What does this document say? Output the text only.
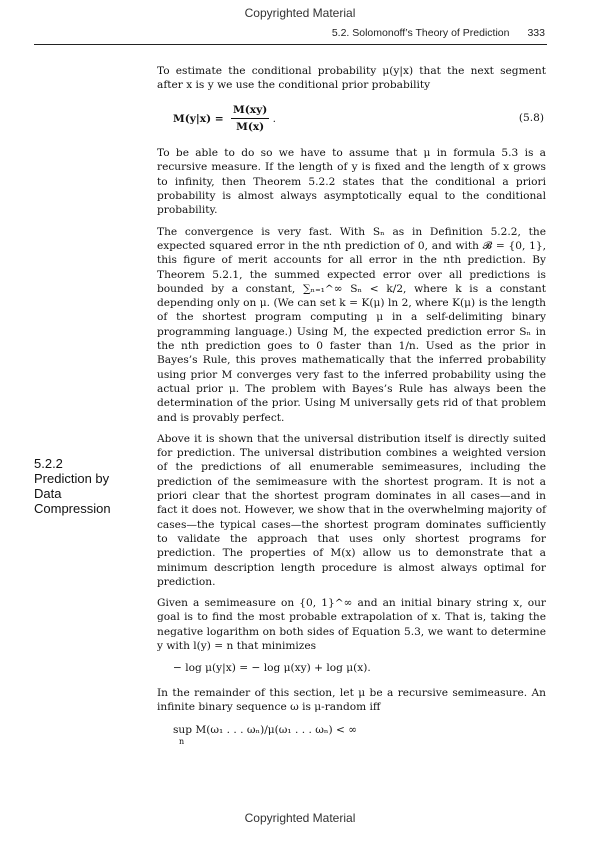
Copyrighted Material
5.2. Solomonoff’s Theory of Prediction 333

To estimate the conditional probability μ(y|x) that the next segment after x is y we use the conditional prior probability

$M(y|x) = \frac{M(xy)}{M(x)}$ .	(5.8)

To be able to do so we have to assume that μ in formula 5.3 is a recursive measure. If the length of y is fixed and the length of x grows to infinity, then Theorem 5.2.2 states that the conditional a priori probability is almost always asymptotically equal to the conditional probability.

The convergence is very fast. With Sₙ as in Definition 5.2.2, the expected squared error in the nth prediction of 0, and with 𝓑 = {0, 1}, this figure of merit accounts for all error in the nth prediction. By Theorem 5.2.1, the summed expected error over all predictions is bounded by a constant, ∑ₙ₌₁^∞ Sₙ < k/2, where k is a constant depending only on μ. (We can set k = K(μ) ln 2, where K(μ) is the length of the shortest program computing μ in a self-delimiting binary programming language.) Using M, the expected prediction error Sₙ in the nth prediction goes to 0 faster than 1/n. Used as the prior in Bayes’s Rule, this proves mathematically that the inferred probability using prior M converges very fast to the inferred probability using the actual prior μ. The problem with Bayes’s Rule has always been the determination of the prior. Using M universally gets rid of that problem and is provably perfect.

Above it is shown that the universal distribution itself is directly suited for prediction. The universal distribution combines a weighted version of the predictions of all enumerable semimeasures, including the prediction of the semimeasure with the shortest program. It is not a priori clear that the shortest program dominates in all cases—and in fact it does not. However, we show that in the overwhelming majority of cases—the typical cases—the shortest program dominates sufficiently to validate the approach that uses only shortest programs for prediction. The properties of M(x) allow us to demonstrate that a minimum description length procedure is almost always optimal for prediction.

Given a semimeasure on {0, 1}^∞ and an initial binary string x, our goal is to find the most probable extrapolation of x. That is, taking the negative logarithm on both sides of Equation 5.3, we want to determine y with l(y) = n that minimizes

− log μ(y|x) = − log μ(xy) + log μ(x).

In the remainder of this section, let μ be a recursive semimeasure. An infinite binary sequence ω is μ-random iff

sup M(ω₁ . . . ωₙ)/μ(ω₁ . . . ωₙ) < ∞
n
5.2.2
Prediction by
Data
Compression
Copyrighted Material
